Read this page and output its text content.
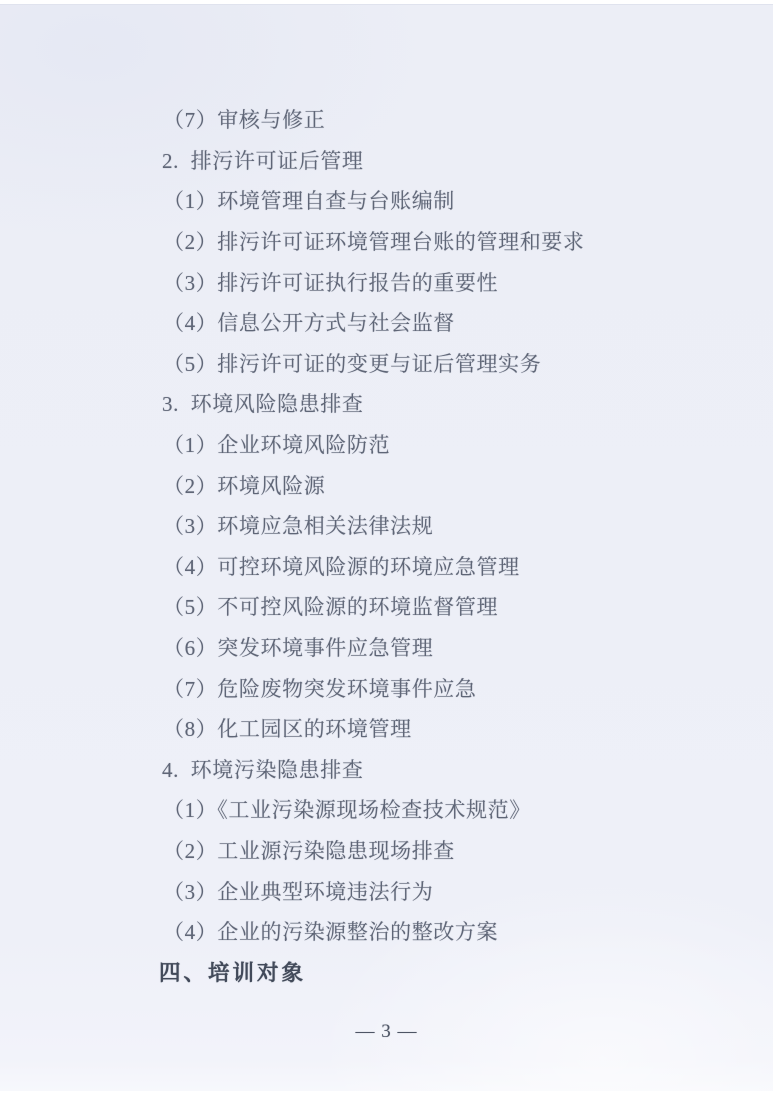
（7）审核与修正
2.  排污许可证后管理
（1）环境管理自查与台账编制
（2）排污许可证环境管理台账的管理和要求
（3）排污许可证执行报告的重要性
（4）信息公开方式与社会监督
（5）排污许可证的变更与证后管理实务
3.  环境风险隐患排查
（1）企业环境风险防范
（2）环境风险源
（3）环境应急相关法律法规
（4）可控环境风险源的环境应急管理
（5）不可控风险源的环境监督管理
（6）突发环境事件应急管理
（7）危险废物突发环境事件应急
（8）化工园区的环境管理
4.  环境污染隐患排查
（1）《工业污染源现场检查技术规范》
（2）工业源污染隐患现场排查
（3）企业典型环境违法行为
（4）企业的污染源整治的整改方案
四、培训对象
— 3 —
